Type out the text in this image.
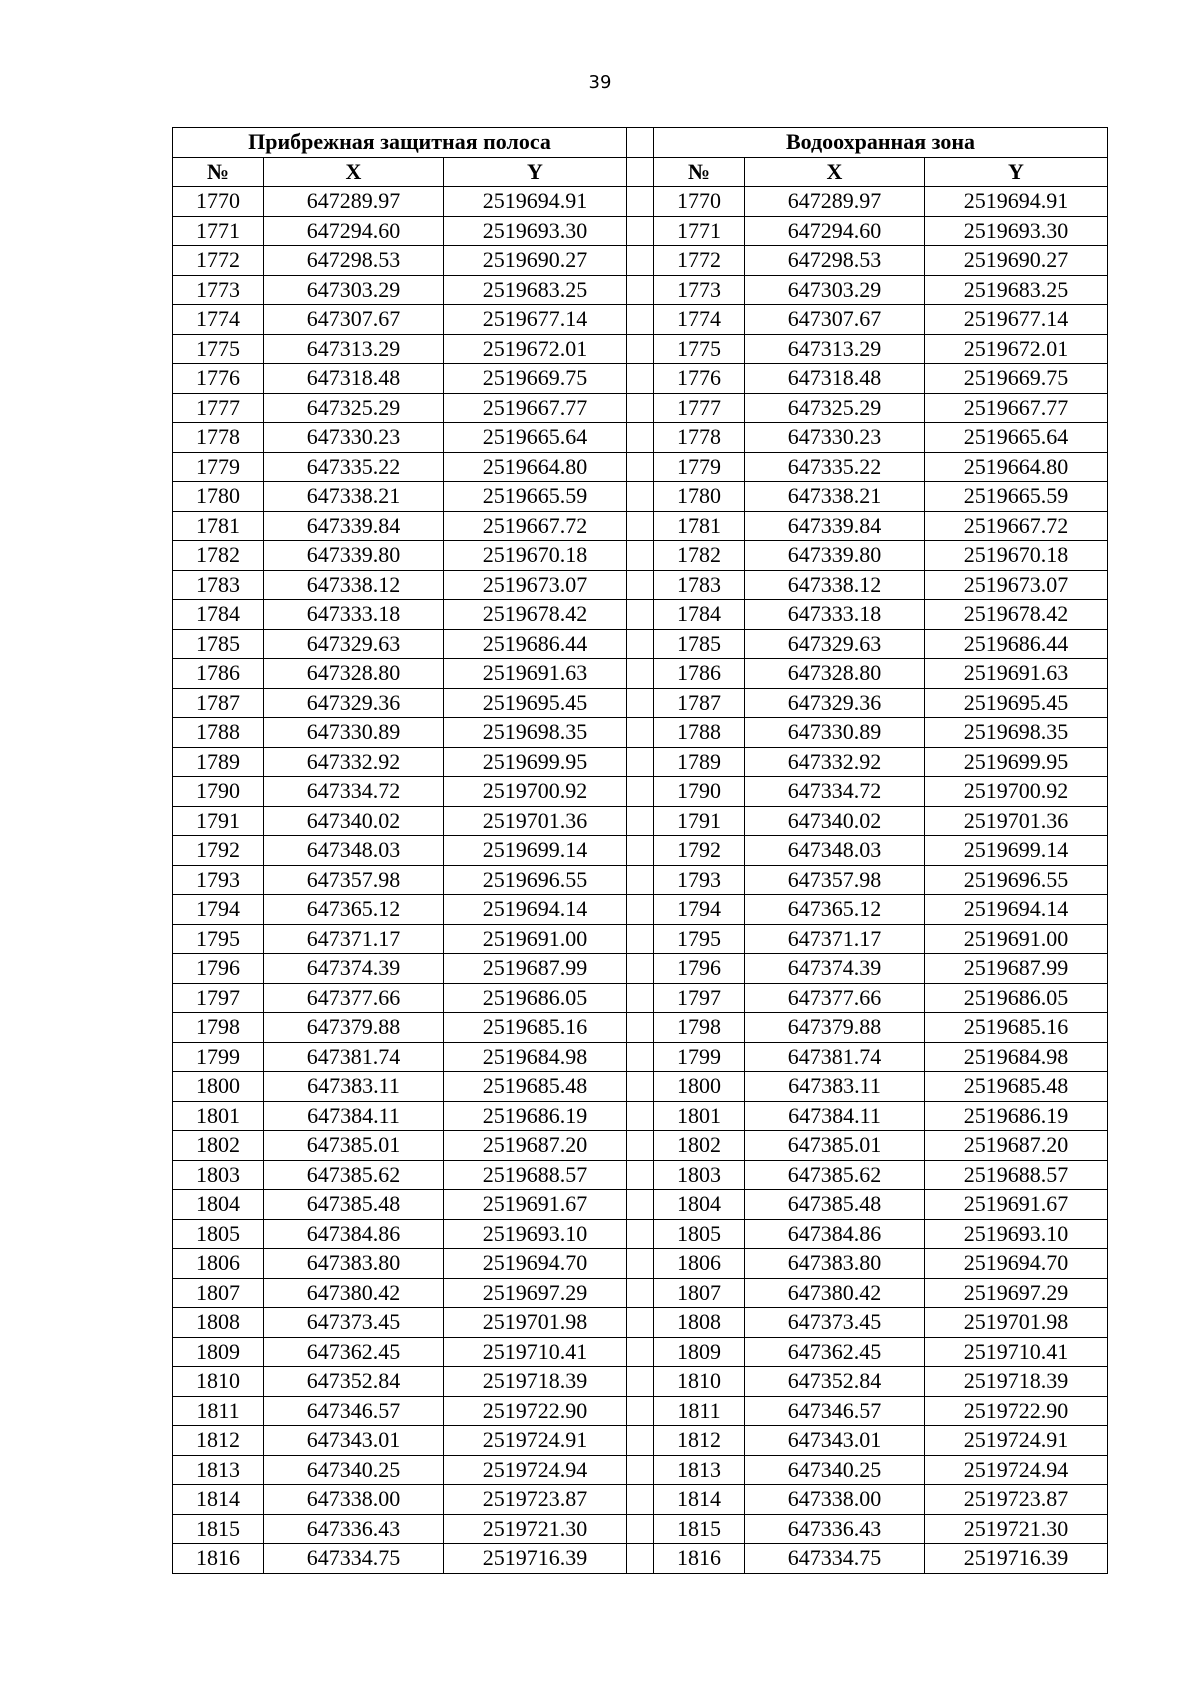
39
Прибрежная защитная полоса				Водоохранная зона		
№	X	Y		№	X	Y
1770	647289.97	2519694.91		1770	647289.97	2519694.91
1771	647294.60	2519693.30		1771	647294.60	2519693.30
1772	647298.53	2519690.27		1772	647298.53	2519690.27
1773	647303.29	2519683.25		1773	647303.29	2519683.25
1774	647307.67	2519677.14		1774	647307.67	2519677.14
1775	647313.29	2519672.01		1775	647313.29	2519672.01
1776	647318.48	2519669.75		1776	647318.48	2519669.75
1777	647325.29	2519667.77		1777	647325.29	2519667.77
1778	647330.23	2519665.64		1778	647330.23	2519665.64
1779	647335.22	2519664.80		1779	647335.22	2519664.80
1780	647338.21	2519665.59		1780	647338.21	2519665.59
1781	647339.84	2519667.72		1781	647339.84	2519667.72
1782	647339.80	2519670.18		1782	647339.80	2519670.18
1783	647338.12	2519673.07		1783	647338.12	2519673.07
1784	647333.18	2519678.42		1784	647333.18	2519678.42
1785	647329.63	2519686.44		1785	647329.63	2519686.44
1786	647328.80	2519691.63		1786	647328.80	2519691.63
1787	647329.36	2519695.45		1787	647329.36	2519695.45
1788	647330.89	2519698.35		1788	647330.89	2519698.35
1789	647332.92	2519699.95		1789	647332.92	2519699.95
1790	647334.72	2519700.92		1790	647334.72	2519700.92
1791	647340.02	2519701.36		1791	647340.02	2519701.36
1792	647348.03	2519699.14		1792	647348.03	2519699.14
1793	647357.98	2519696.55		1793	647357.98	2519696.55
1794	647365.12	2519694.14		1794	647365.12	2519694.14
1795	647371.17	2519691.00		1795	647371.17	2519691.00
1796	647374.39	2519687.99		1796	647374.39	2519687.99
1797	647377.66	2519686.05		1797	647377.66	2519686.05
1798	647379.88	2519685.16		1798	647379.88	2519685.16
1799	647381.74	2519684.98		1799	647381.74	2519684.98
1800	647383.11	2519685.48		1800	647383.11	2519685.48
1801	647384.11	2519686.19		1801	647384.11	2519686.19
1802	647385.01	2519687.20		1802	647385.01	2519687.20
1803	647385.62	2519688.57		1803	647385.62	2519688.57
1804	647385.48	2519691.67		1804	647385.48	2519691.67
1805	647384.86	2519693.10		1805	647384.86	2519693.10
1806	647383.80	2519694.70		1806	647383.80	2519694.70
1807	647380.42	2519697.29		1807	647380.42	2519697.29
1808	647373.45	2519701.98		1808	647373.45	2519701.98
1809	647362.45	2519710.41		1809	647362.45	2519710.41
1810	647352.84	2519718.39		1810	647352.84	2519718.39
1811	647346.57	2519722.90		1811	647346.57	2519722.90
1812	647343.01	2519724.91		1812	647343.01	2519724.91
1813	647340.25	2519724.94		1813	647340.25	2519724.94
1814	647338.00	2519723.87		1814	647338.00	2519723.87
1815	647336.43	2519721.30		1815	647336.43	2519721.30
1816	647334.75	2519716.39		1816	647334.75	2519716.39
